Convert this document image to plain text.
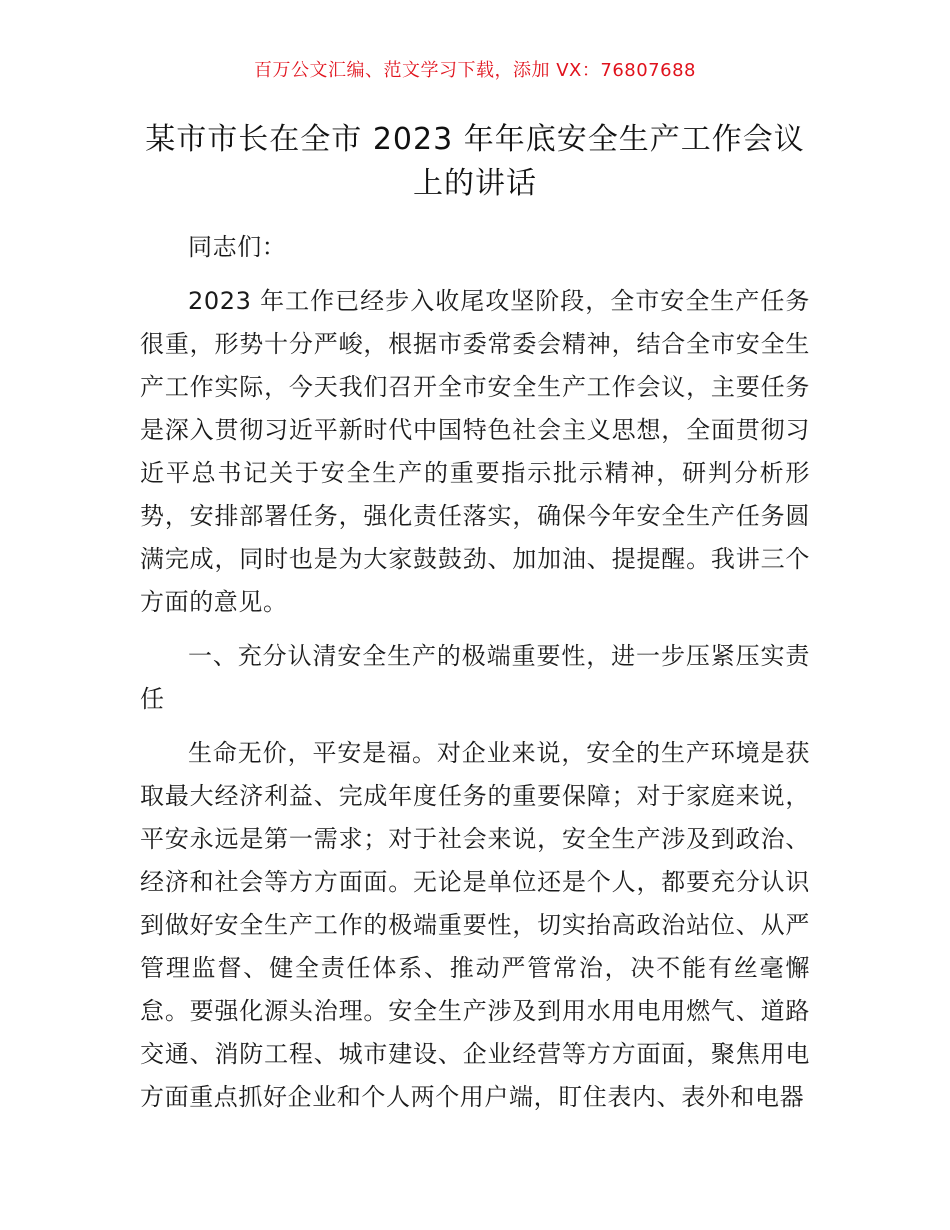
百万公文汇编、范文学习下载，添加 VX：76807688
某市市长在全市 2023 年年底安全生产工作会议上的讲话

同志们：

2023 年工作已经步入收尾攻坚阶段，全市安全生产任务很重，形势十分严峻，根据市委常委会精神，结合全市安全生产工作实际，今天我们召开全市安全生产工作会议，主要任务是深入贯彻习近平新时代中国特色社会主义思想，全面贯彻习近平总书记关于安全生产的重要指示批示精神，研判分析形势，安排部署任务，强化责任落实，确保今年安全生产任务圆满完成，同时也是为大家鼓鼓劲、加加油、提提醒。我讲三个方面的意见。

一、充分认清安全生产的极端重要性，进一步压紧压实责任

生命无价，平安是福。对企业来说，安全的生产环境是获取最大经济利益、完成年度任务的重要保障；对于家庭来说，平安永远是第一需求；对于社会来说，安全生产涉及到政治、经济和社会等方方面面。无论是单位还是个人，都要充分认识到做好安全生产工作的极端重要性，切实抬高政治站位、从严管理监督、健全责任体系、推动严管常治，决不能有丝毫懈怠。要强化源头治理。安全生产涉及到用水用电用燃气、道路交通、消防工程、城市建设、企业经营等方方面面，聚焦用电方面重点抓好企业和个人两个用户端，盯住表内、表外和电器
